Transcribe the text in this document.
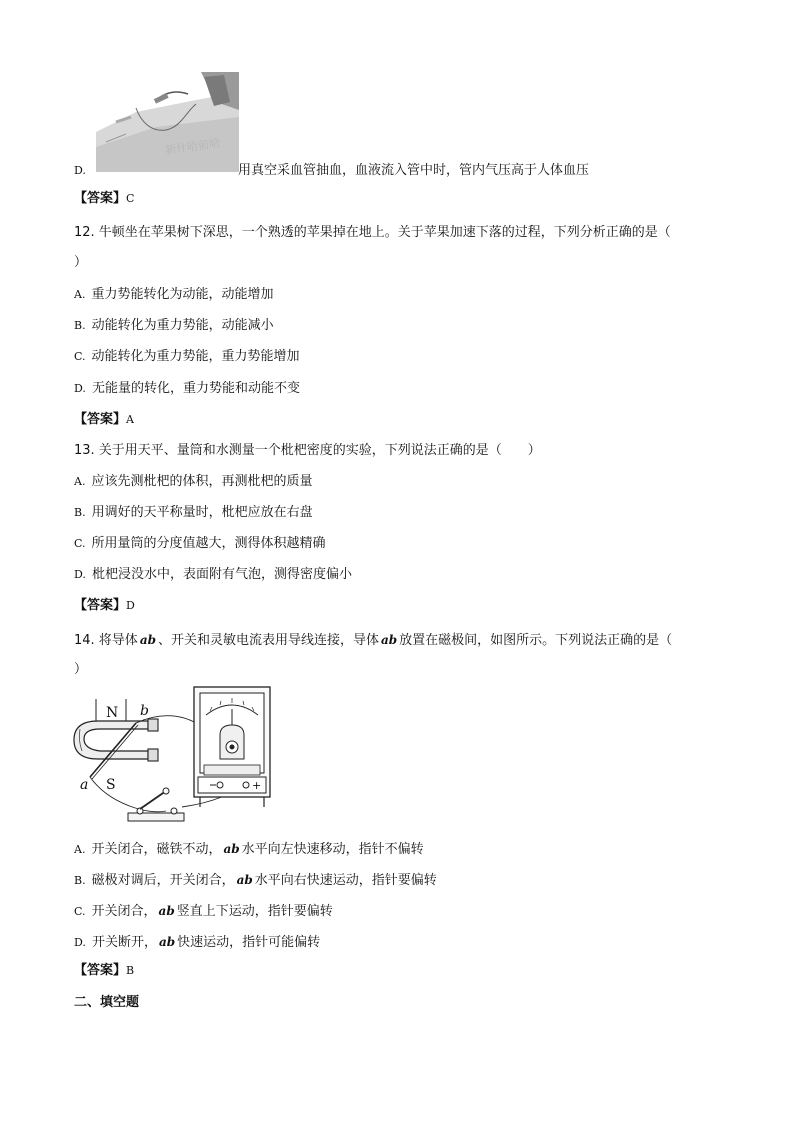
新什哈前哈
D.	用真空采血管抽血，血液流入管中时，管内气压高于人体血压
【答案】C
12. 牛顿坐在苹果树下深思，一个熟透的苹果掉在地上。关于苹果加速下落的过程，下列分析正确的是（
）
A. 重力势能转化为动能，动能增加
B. 动能转化为重力势能，动能减小
C. 动能转化为重力势能，重力势能增加
D. 无能量的转化，重力势能和动能不变
【答案】A
13. 关于用天平、量筒和水测量一个枇杷密度的实验，下列说法正确的是（　　）
A. 应该先测枇杷的体积，再测枇杷的质量
B. 用调好的天平称量时，枇杷应放在右盘
C. 所用量筒的分度值越大，测得体积越精确
D. 枇杷浸没水中，表面附有气泡，测得密度偏小
【答案】D
14. 将导体 ab 、开关和灵敏电流表用导线连接，导体 ab 放置在磁极间，如图所示。下列说法正确的是（
）
N
S
b
a	+
A. 开关闭合，磁铁不动， ab 水平向左快速移动，指针不偏转
B. 磁极对调后，开关闭合， ab 水平向右快速运动，指针要偏转
C. 开关闭合， ab 竖直上下运动，指针要偏转
D. 开关断开， ab 快速运动，指针可能偏转
【答案】B
二、填空题
